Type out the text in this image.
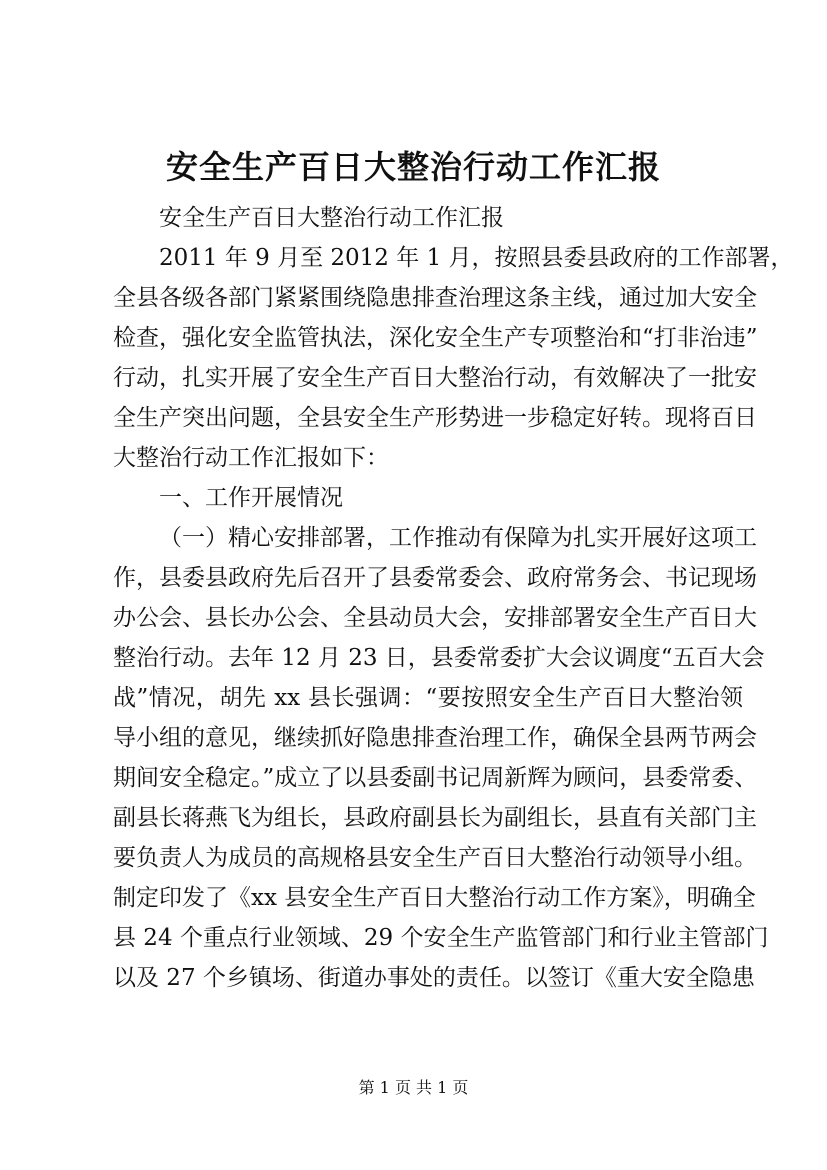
安全生产百日大整治行动工作汇报
安全生产百日大整治行动工作汇报
2011 年 9 月至 2012 年 1 月，按照县委县政府的工作部署，
全县各级各部门紧紧围绕隐患排查治理这条主线，通过加大安全
检查，强化安全监管执法，深化安全生产专项整治和“打非治违”
行动，扎实开展了安全生产百日大整治行动，有效解决了一批安
全生产突出问题，全县安全生产形势进一步稳定好转。现将百日
大整治行动工作汇报如下：
一、工作开展情况
（一）精心安排部署，工作推动有保障为扎实开展好这项工
作，县委县政府先后召开了县委常委会、政府常务会、书记现场
办公会、县长办公会、全县动员大会，安排部署安全生产百日大
整治行动。去年 12 月 23 日，县委常委扩大会议调度“五百大会
战”情况，胡先 xx 县长强调：“要按照安全生产百日大整治领
导小组的意见，继续抓好隐患排查治理工作，确保全县两节两会
期间安全稳定。”成立了以县委副书记周新辉为顾问，县委常委、
副县长蒋燕飞为组长，县政府副县长为副组长，县直有关部门主
要负责人为成员的高规格县安全生产百日大整治行动领导小组。
制定印发了《xx 县安全生产百日大整治行动工作方案》，明确全
县 24 个重点行业领域、29 个安全生产监管部门和行业主管部门
以及 27 个乡镇场、街道办事处的责任。以签订《重大安全隐患
第 1 页 共 1 页
